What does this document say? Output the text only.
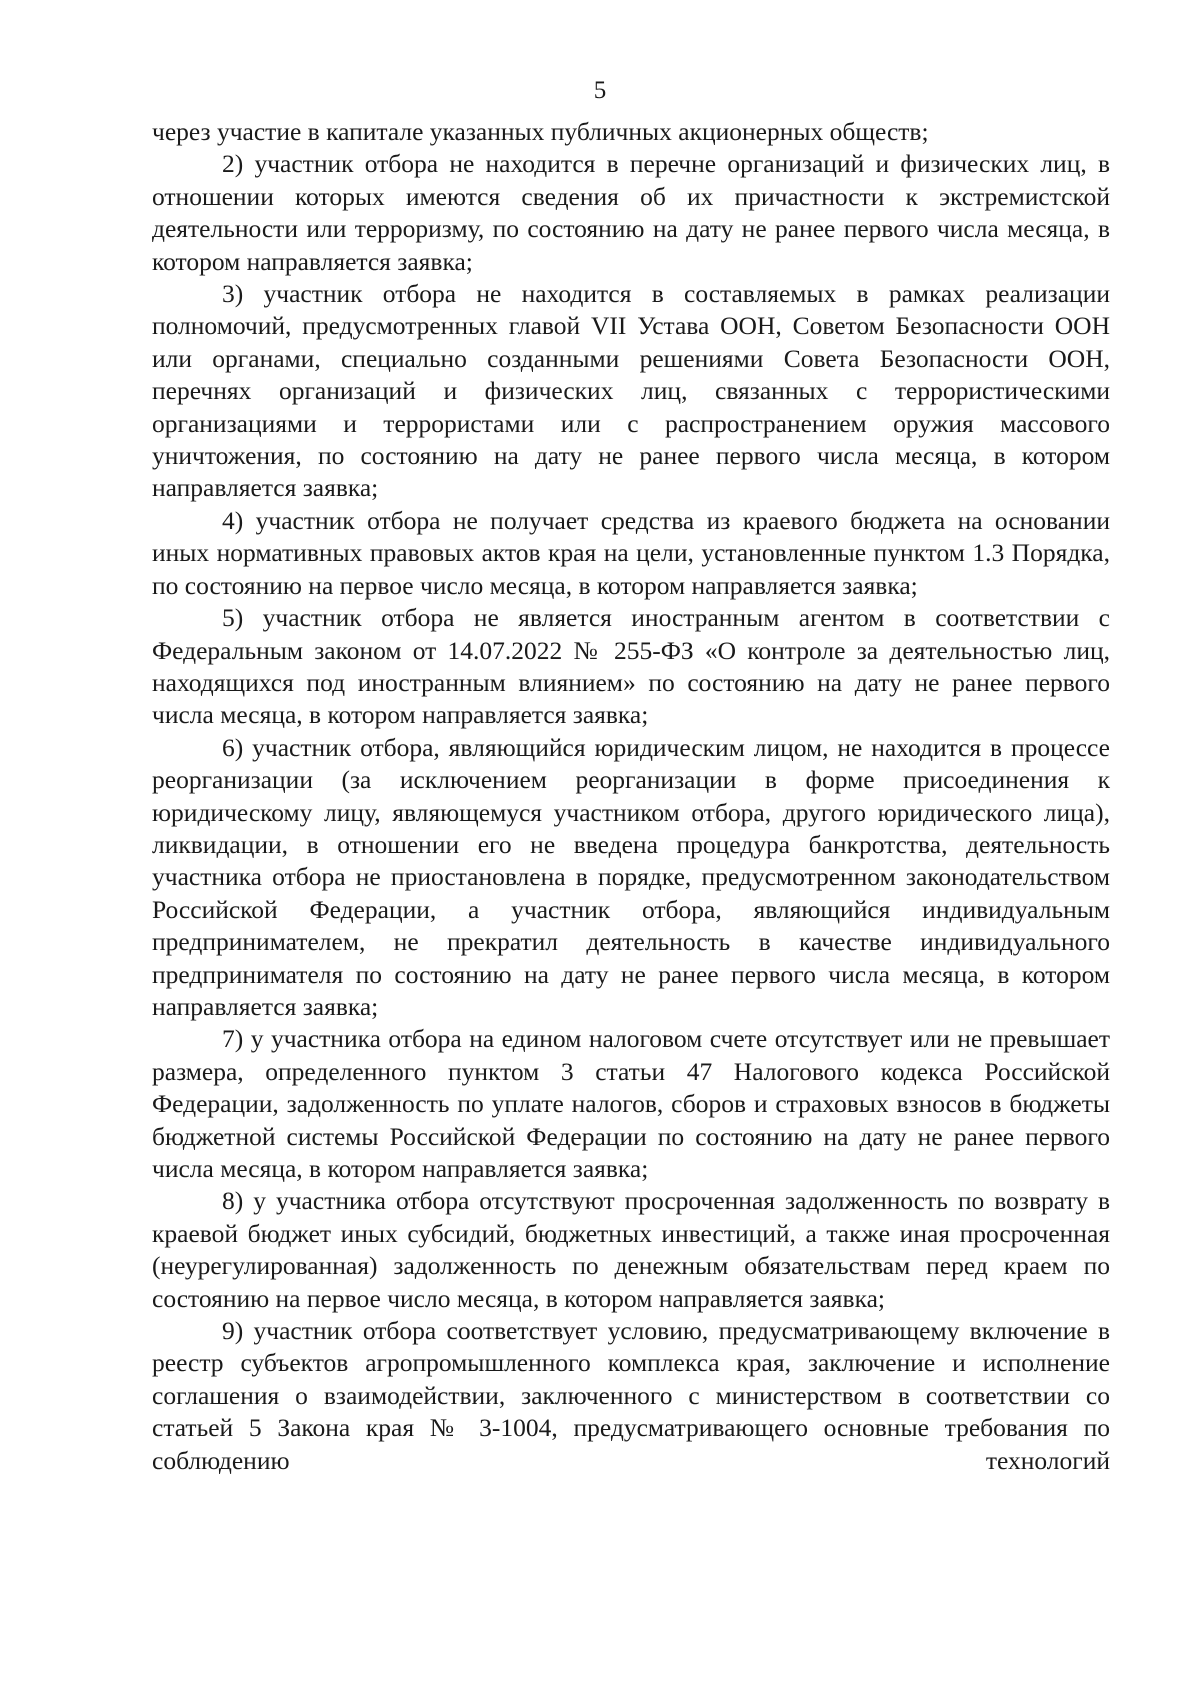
5

через участие в капитале указанных публичных акционерных обществ;

2) участник отбора не находится в перечне организаций и физических лиц, в отношении которых имеются сведения об их причастности к экстремистской деятельности или терроризму, по состоянию на дату не ранее первого числа месяца, в котором направляется заявка;

3) участник отбора не находится в составляемых в рамках реализации полномочий, предусмотренных главой VII Устава ООН, Советом Безопасности ООН или органами, специально созданными решениями Совета Безопасности ООН, перечнях организаций и физических лиц, связанных с террористическими организациями и террористами или с распространением оружия массового уничтожения, по состоянию на дату не ранее первого числа месяца, в котором направляется заявка;

4) участник отбора не получает средства из краевого бюджета на основании иных нормативных правовых актов края на цели, установленные пунктом 1.3 Порядка, по состоянию на первое число месяца, в котором направляется заявка;

5) участник отбора не является иностранным агентом в соответствии с Федеральным законом от 14.07.2022 № 255-ФЗ «О контроле за деятельностью лиц, находящихся под иностранным влиянием» по состоянию на дату не ранее первого числа месяца, в котором направляется заявка;

6) участник отбора, являющийся юридическим лицом, не находится в процессе реорганизации (за исключением реорганизации в форме присоединения к юридическому лицу, являющемуся участником отбора, другого юридического лица), ликвидации, в отношении его не введена процедура банкротства, деятельность участника отбора не приостановлена в порядке, предусмотренном законодательством Российской Федерации, а участник отбора, являющийся индивидуальным предпринимателем, не прекратил деятельность в качестве индивидуального предпринимателя по состоянию на дату не ранее первого числа месяца, в котором направляется заявка;

7) у участника отбора на едином налоговом счете отсутствует или не превышает размера, определенного пунктом 3 статьи 47 Налогового кодекса Российской Федерации, задолженность по уплате налогов, сборов и страховых взносов в бюджеты бюджетной системы Российской Федерации по состоянию на дату не ранее первого числа месяца, в котором направляется заявка;

8) у участника отбора отсутствуют просроченная задолженность по возврату в краевой бюджет иных субсидий, бюджетных инвестиций, а также иная просроченная (неурегулированная) задолженность по денежным обязательствам перед краем по состоянию на первое число месяца, в котором направляется заявка;

9) участник отбора соответствует условию, предусматривающему включение в реестр субъектов агропромышленного комплекса края, заключение и исполнение соглашения о взаимодействии, заключенного с министерством в соответствии со статьей 5 Закона края № 3-1004, предусматривающего основные требования по соблюдению технологий
